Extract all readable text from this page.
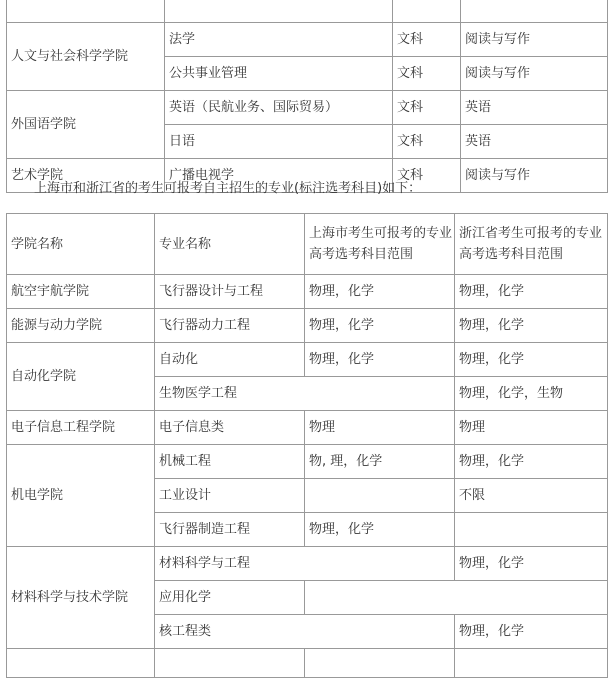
人文与社会科学学院	法学	文科	阅读与写作
	公共事业管理	文科	阅读与写作
外国语学院	英语（民航业务、国际贸易）	文科	英语
	日语	文科	英语
艺术学院	广播电视学	文科	阅读与写作
上海市和浙江省的考生可报考自主招生的专业(标注选考科目)如下：
学院名称	专业名称	上海市考生可报考的专业高考选考科目范围	浙江省考生可报考的专业高考选考科目范围
航空宇航学院	飞行器设计与工程	物理，化学	物理，化学
能源与动力学院	飞行器动力工程	物理，化学	物理，化学
自动化学院	自动化	物理，化学	物理，化学
	生物医学工程		物理，化学，生物
电子信息工程学院	电子信息类	物理	物理
机电学院	机械工程	物, 理，化学	物理，化学
	工业设计		不限
	飞行器制造工程	物理，化学	
材料科学与技术学院	材料科学与工程		物理，化学
	应用化学		
	核工程类		物理，化学
